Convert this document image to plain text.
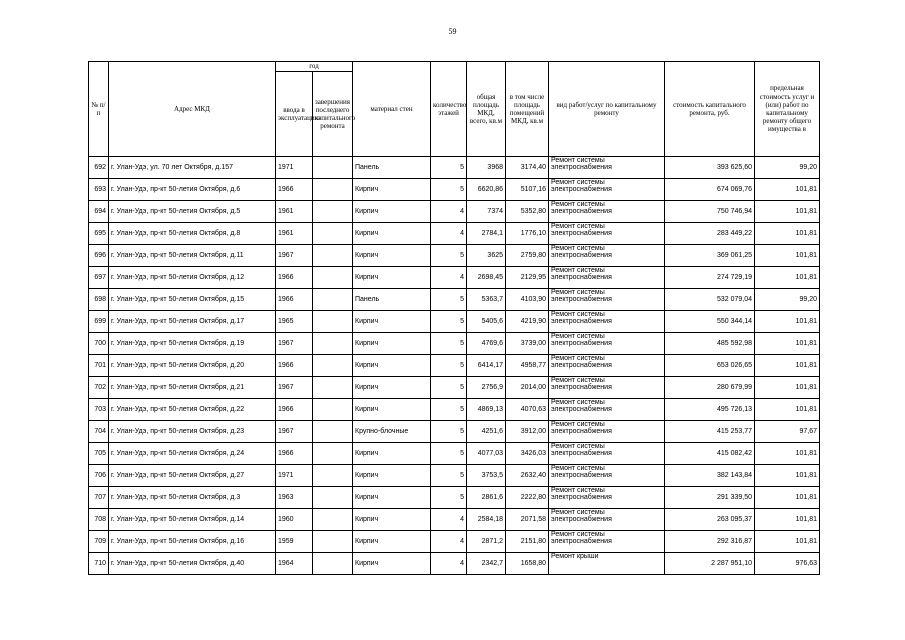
59
№ п/п	Адрес МКД	год		материал стен	количество этажей	общая площадь МКД, всего, кв.м	в том числе площадь помещений МКД, кв.м	вид работ/услуг по капитальному ремонту	стоимость капитального ремонта, руб.	предельная стоимость услуг и (или) работ по капитальному ремонту общего имущества в
		ввода в эксплуатацию	завершения последнего капитального ремонта							
692	г. Улан-Удэ, ул. 70 лет Октября, д.157	1971		Панель	5	3968	3174,40	Ремонт системы электроснабжения	393 625,60	99,20
693	г. Улан-Удэ, пр-кт 50-летия Октября, д.6	1966		Кирпич	5	6620,86	5107,16	Ремонт системы электроснабжения	674 069,76	101,81
694	г. Улан-Удэ, пр-кт 50-летия Октября, д.5	1961		Кирпич	4	7374	5352,80	Ремонт системы электроснабжения	750 746,94	101,81
695	г. Улан-Удэ, пр-кт 50-летия Октября, д.8	1961		Кирпич	4	2784,1	1776,10	Ремонт системы электроснабжения	283 449,22	101,81
696	г. Улан-Удэ, пр-кт 50-летия Октября, д.11	1967		Кирпич	5	3625	2759,80	Ремонт системы электроснабжения	369 061,25	101,81
697	г. Улан-Удэ, пр-кт 50-летия Октября, д.12	1966		Кирпич	4	2698,45	2129,95	Ремонт системы электроснабжения	274 729,19	101,81
698	г. Улан-Удэ, пр-кт 50-летия Октября, д.15	1966		Панель	5	5363,7	4103,90	Ремонт системы электроснабжения	532 079,04	99,20
699	г. Улан-Удэ, пр-кт 50-летия Октября, д.17	1965		Кирпич	5	5405,6	4219,90	Ремонт системы электроснабжения	550 344,14	101,81
700	г. Улан-Удэ, пр-кт 50-летия Октября, д.19	1967		Кирпич	5	4769,6	3739,00	Ремонт системы электроснабжения	485 592,98	101,81
701	г. Улан-Удэ, пр-кт 50-летия Октября, д.20	1966		Кирпич	5	6414,17	4958,77	Ремонт системы электроснабжения	653 026,65	101,81
702	г. Улан-Удэ, пр-кт 50-летия Октября, д.21	1967		Кирпич	5	2756,9	2014,00	Ремонт системы электроснабжения	280 679,99	101,81
703	г. Улан-Удэ, пр-кт 50-летия Октября, д.22	1966		Кирпич	5	4869,13	4070,63	Ремонт системы электроснабжения	495 726,13	101,81
704	г. Улан-Удэ, пр-кт 50-летия Октября, д.23	1967		Крупно-блочные	5	4251,6	3912,00	Ремонт системы электроснабжения	415 253,77	97,67
705	г. Улан-Удэ, пр-кт 50-летия Октября, д.24	1966		Кирпич	5	4077,03	3426,03	Ремонт системы электроснабжения	415 082,42	101,81
706	г. Улан-Удэ, пр-кт 50-летия Октября, д.27	1971		Кирпич	5	3753,5	2632,40	Ремонт системы электроснабжения	382 143,84	101,81
707	г. Улан-Удэ, пр-кт 50-летия Октября, д.3	1963		Кирпич	5	2861,6	2222,80	Ремонт системы электроснабжения	291 339,50	101,81
708	г. Улан-Удэ, пр-кт 50-летия Октября, д.14	1960		Кирпич	4	2584,18	2071,58	Ремонт системы электроснабжения	263 095,37	101,81
709	г. Улан-Удэ, пр-кт 50-летия Октября, д.16	1959		Кирпич	4	2871,2	2151,80	Ремонт системы электроснабжения	292 316,87	101,81
710	г. Улан-Удэ, пр-кт 50-летия Октября, д.40	1964		Кирпич	4	2342,7	1658,80	Ремонт крыши	2 287 951,10	976,63
